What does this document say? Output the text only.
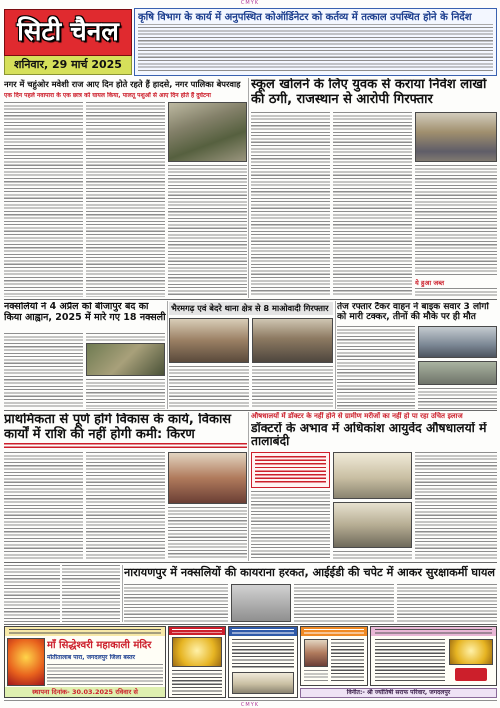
CMYK
सिटी चैनल
शनिवार, 29 मार्च 2025
कृषि विभाग के कार्य में अनुपस्थित कोऑर्डिनेटर को कर्तव्य में तत्काल उपस्थित होने के निर्देश
नगर में चहुंओर मवेशी राज आए दिन होते रहते हैं हादसे, नगर पालिका बेपरवाह
एक दिन पहले नवापारा के एक छात्र को घायल किया, पालतू पशुओं से आए दिन होते हैं दुर्घटना
स्कूल खोलने के लिए युवक से कराया निवेश लाखों की ठगी, राजस्थान से आरोपी गिरफ्तार
ये हुआ जब्त
नक्सलियों ने 4 अप्रैल को बीजापुर बंद का किया आह्वान, 2025 में मारे गए 18 नक्सली
भैरमगढ़ एवं बेदरे थाना क्षेत्र से 8 माओवादी गिरफ्तार तेज रफ्तार टैंकर वाहन ने बाइक सवार 3 लोगों को मारी टक्कर, तीनों की मौके पर ही मौत
प्राथमिकता से पूर्ण होंगे विकास के कार्य, विकास कार्यों में राशि की नहीं होगी कमी: किरण
औषधालयों में डॉक्टर के नहीं होने से ग्रामीण मरीजों का नहीं हो पा रहा उचित इलाज
डॉक्टरों के अभाव में अधिकांश आयुर्वेद औषधालयों में तालाबंदी
नारायणपुर में नक्सलियों की कायराना हरकत, आईईडी की चपेट में आकर सुरक्षाकर्मी घायल
माँ सिद्धेश्वरी महाकाली मंदिर
मोतीतालाब पारा, जगदलपुर जिला बस्तर
स्थापना दिनांक- 30.03.2025 रविवार से	विनीत:- श्री ज्योतिषी सराफ परिवार, जगदलपुर
CMYK
